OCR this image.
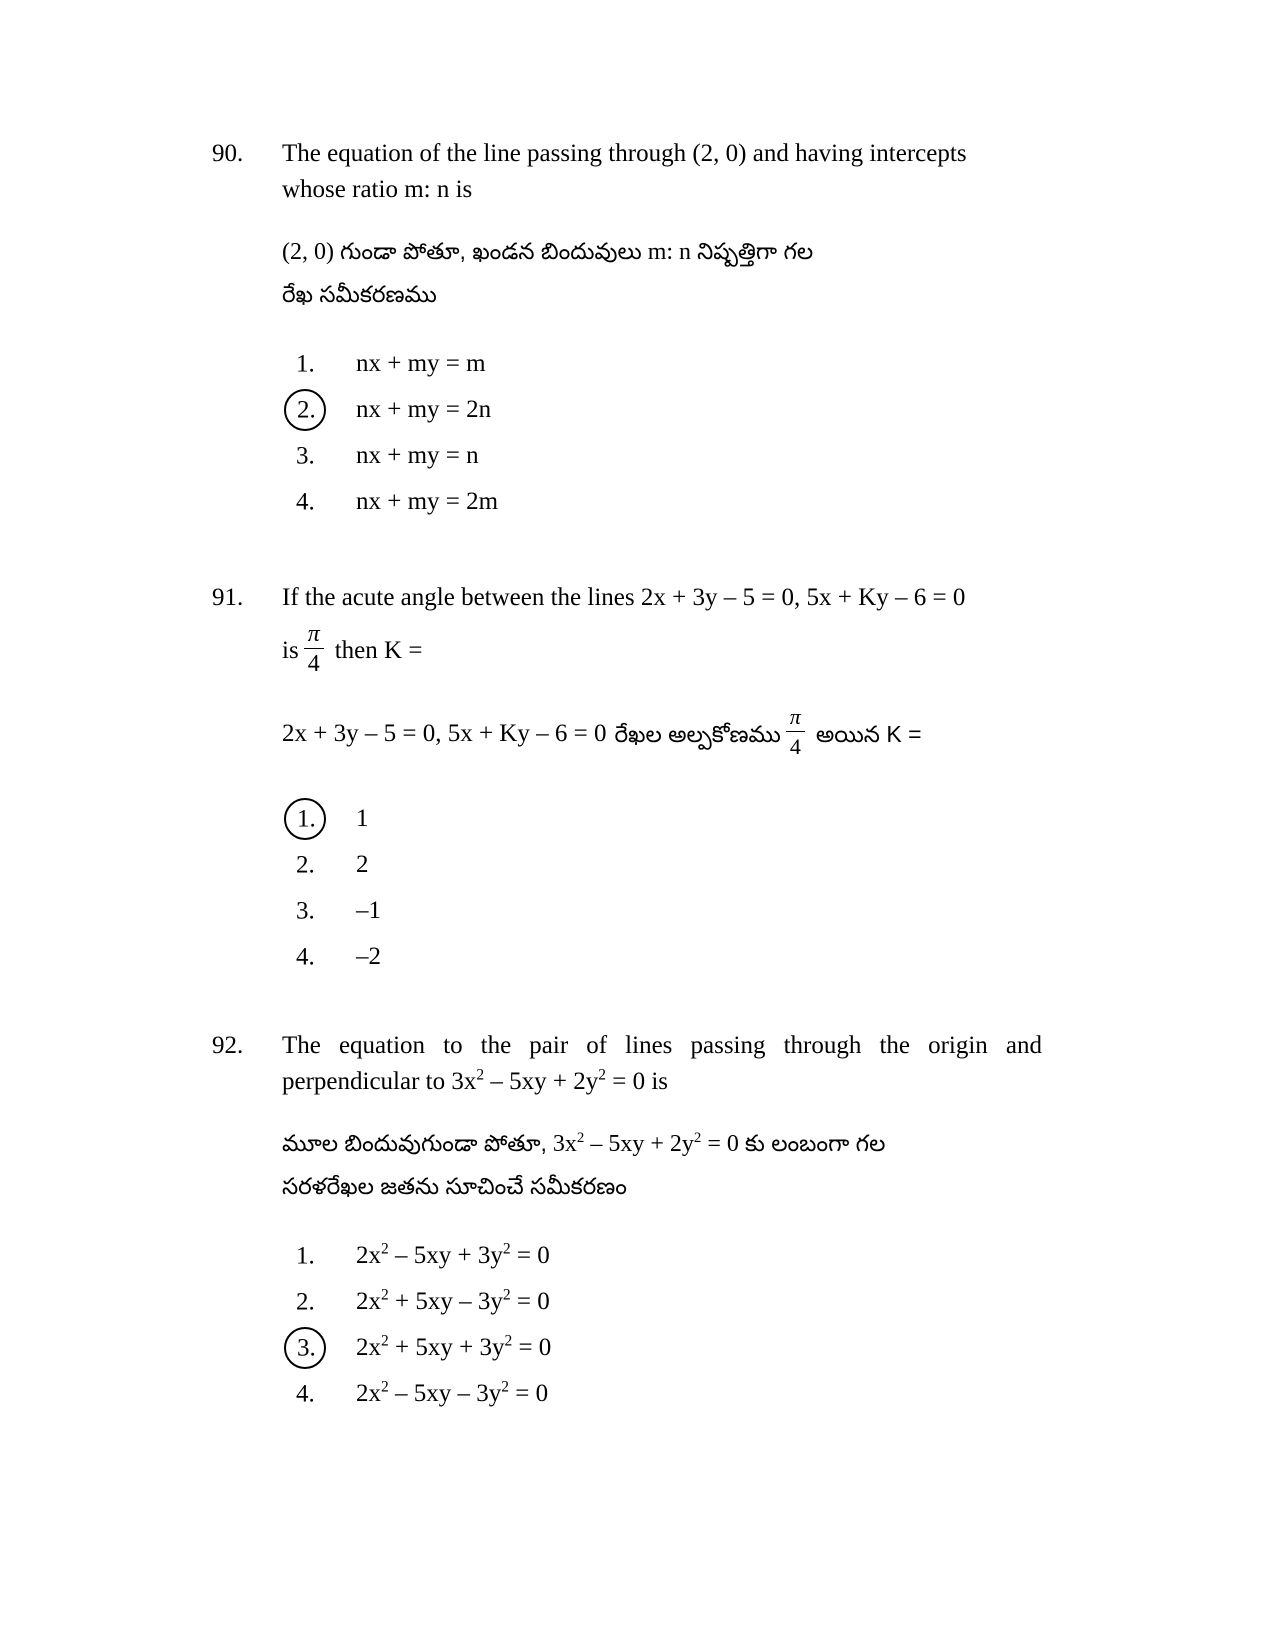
90.	The equation of the line passing through (2, 0) and having intercepts
whose ratio m: n is
(2, 0) గుండా పోతూ, ఖండన బిందువులు m: n నిష్పత్తిగా గల
రేఖ సమీకరణము
1. nx + my = m
2. nx + my = 2n
3. nx + my = n
4. nx + my = 2m
91.	If the acute angle between the lines 2x + 3y – 5 = 0, 5x + Ky – 6 = 0
is $\frac{\pi}{4}$ then K =
2x + 3y – 5 = 0, 5x + Ky – 6 = 0 రేఖల అల్పకోణము $\frac{\pi}{4}$ అయిన K =
1. 1
2. 2
3. –1
4. –2
92.	The equation to the pair of lines passing through the origin and
perpendicular to $3x^2 - 5xy + 2y^2 = 0$ is
మూల బిందువుగుండా పోతూ, $3x^2 - 5xy + 2y^2 = 0$ కు లంబంగా గల
సరళరేఖల జతను సూచించే సమీకరణం
1. $2x^2 - 5xy + 3y^2 = 0$
2. $2x^2 + 5xy - 3y^2 = 0$
3. $2x^2 + 5xy + 3y^2 = 0$
4. $2x^2 - 5xy - 3y^2 = 0$
